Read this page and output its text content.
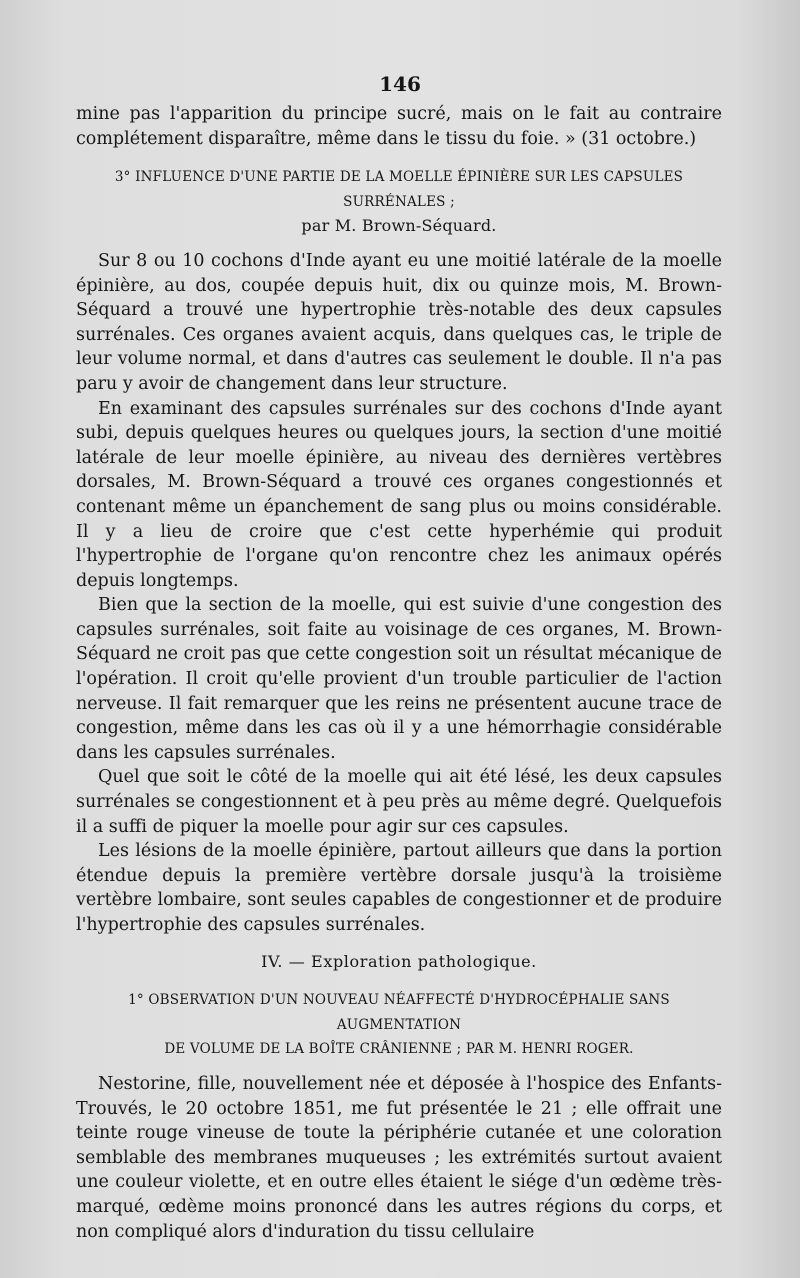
146

mine pas l'apparition du principe sucré, mais on le fait au contraire complétement disparaître, même dans le tissu du foie. » (31 octobre.)

3° INFLUENCE D'UNE PARTIE DE LA MOELLE ÉPINIÈRE SUR LES CAPSULES SURRÉNALES ;

par M. Brown-Séquard.

Sur 8 ou 10 cochons d'Inde ayant eu une moitié latérale de la moelle épinière, au dos, coupée depuis huit, dix ou quinze mois, M. Brown-Séquard a trouvé une hypertrophie très-notable des deux capsules surrénales. Ces organes avaient acquis, dans quelques cas, le triple de leur volume normal, et dans d'autres cas seulement le double. Il n'a pas paru y avoir de changement dans leur structure.

En examinant des capsules surrénales sur des cochons d'Inde ayant subi, depuis quelques heures ou quelques jours, la section d'une moitié latérale de leur moelle épinière, au niveau des dernières vertèbres dorsales, M. Brown-Séquard a trouvé ces organes congestionnés et contenant même un épanchement de sang plus ou moins considérable. Il y a lieu de croire que c'est cette hyperhémie qui produit l'hypertrophie de l'organe qu'on rencontre chez les animaux opérés depuis longtemps.

Bien que la section de la moelle, qui est suivie d'une congestion des capsules surrénales, soit faite au voisinage de ces organes, M. Brown-Séquard ne croit pas que cette congestion soit un résultat mécanique de l'opération. Il croit qu'elle provient d'un trouble particulier de l'action nerveuse. Il fait remarquer que les reins ne présentent aucune trace de congestion, même dans les cas où il y a une hémorrhagie considérable dans les capsules surrénales.

Quel que soit le côté de la moelle qui ait été lésé, les deux capsules surrénales se congestionnent et à peu près au même degré. Quelquefois il a suffi de piquer la moelle pour agir sur ces capsules.

Les lésions de la moelle épinière, partout ailleurs que dans la portion étendue depuis la première vertèbre dorsale jusqu'à la troisième vertèbre lombaire, sont seules capables de congestionner et de produire l'hypertrophie des capsules surrénales.

IV. — Exploration pathologique.
1° OBSERVATION D'UN NOUVEAU NÉAFFECTÉ D'HYDROCÉPHALIE SANS AUGMENTATION
DE VOLUME DE LA BOÎTE CRÂNIENNE ; PAR M. HENRI ROGER.

Nestorine, fille, nouvellement née et déposée à l'hospice des Enfants-Trouvés, le 20 octobre 1851, me fut présentée le 21 ; elle offrait une teinte rouge vineuse de toute la périphérie cutanée et une coloration semblable des membranes muqueuses ; les extrémités surtout avaient une couleur violette, et en outre elles étaient le siége d'un œdème très-marqué, œdème moins prononcé dans les autres régions du corps, et non compliqué alors d'induration du tissu cellulaire
